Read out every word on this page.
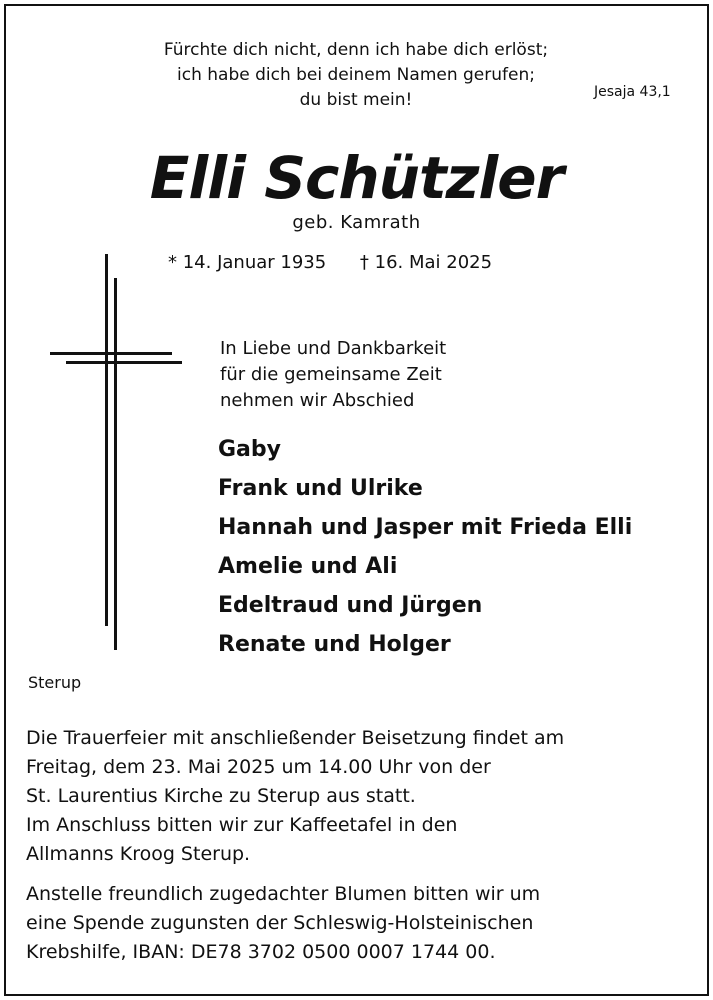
Fürchte dich nicht, denn ich habe dich erlöst;
ich habe dich bei deinem Namen gerufen;
du bist mein!	Jesaja 43,1
Elli Schützler
geb. Kamrath
* 14. Januar 1935 † 16. Mai 2025
In Liebe und Dankbarkeit
für die gemeinsame Zeit
nehmen wir Abschied
Gaby
Frank und Ulrike
Hannah und Jasper mit Frieda Elli
Amelie und Ali
Edeltraud und Jürgen
Renate und Holger
Sterup
Die Trauerfeier mit anschließender Beisetzung findet am
Freitag, dem 23. Mai 2025 um 14.00 Uhr von der
St. Laurentius Kirche zu Sterup aus statt.
Im Anschluss bitten wir zur Kaffeetafel in den
Allmanns Kroog Sterup.
Anstelle freundlich zugedachter Blumen bitten wir um
eine Spende zugunsten der Schleswig-Holsteinischen
Krebshilfe, IBAN: DE78 3702 0500 0007 1744 00.
